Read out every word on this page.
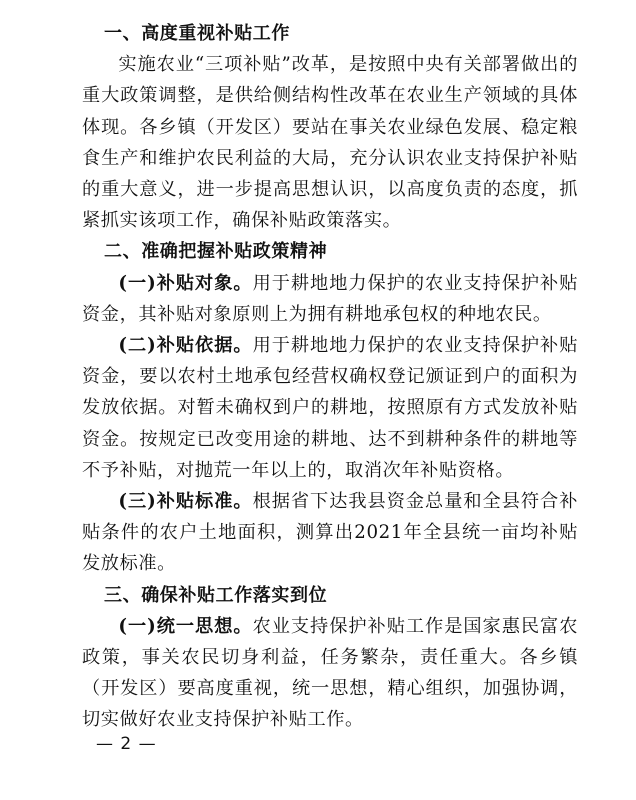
一、高度重视补贴工作

实施农业“三项补贴”改革，是按照中央有关部署做出的重大政策调整，是供给侧结构性改革在农业生产领域的具体体现。各乡镇（开发区）要站在事关农业绿色发展、稳定粮食生产和维护农民利益的大局，充分认识农业支持保护补贴的重大意义，进一步提高思想认识，以高度负责的态度，抓紧抓实该项工作，确保补贴政策落实。

二、准确把握补贴政策精神

(一)补贴对象。用于耕地地力保护的农业支持保护补贴资金，其补贴对象原则上为拥有耕地承包权的种地农民。

(二)补贴依据。用于耕地地力保护的农业支持保护补贴资金，要以农村土地承包经营权确权登记颁证到户的面积为发放依据。对暂未确权到户的耕地，按照原有方式发放补贴资金。按规定已改变用途的耕地、达不到耕种条件的耕地等不予补贴，对抛荒一年以上的，取消次年补贴资格。

(三)补贴标准。根据省下达我县资金总量和全县符合补贴条件的农户土地面积，测算出2021年全县统一亩均补贴发放标准。

三、确保补贴工作落实到位

(一)统一思想。农业支持保护补贴工作是国家惠民富农政策，事关农民切身利益，任务繁杂，责任重大。各乡镇（开发区）要高度重视，统一思想，精心组织，加强协调，切实做好农业支持保护补贴工作。

— 2 —
